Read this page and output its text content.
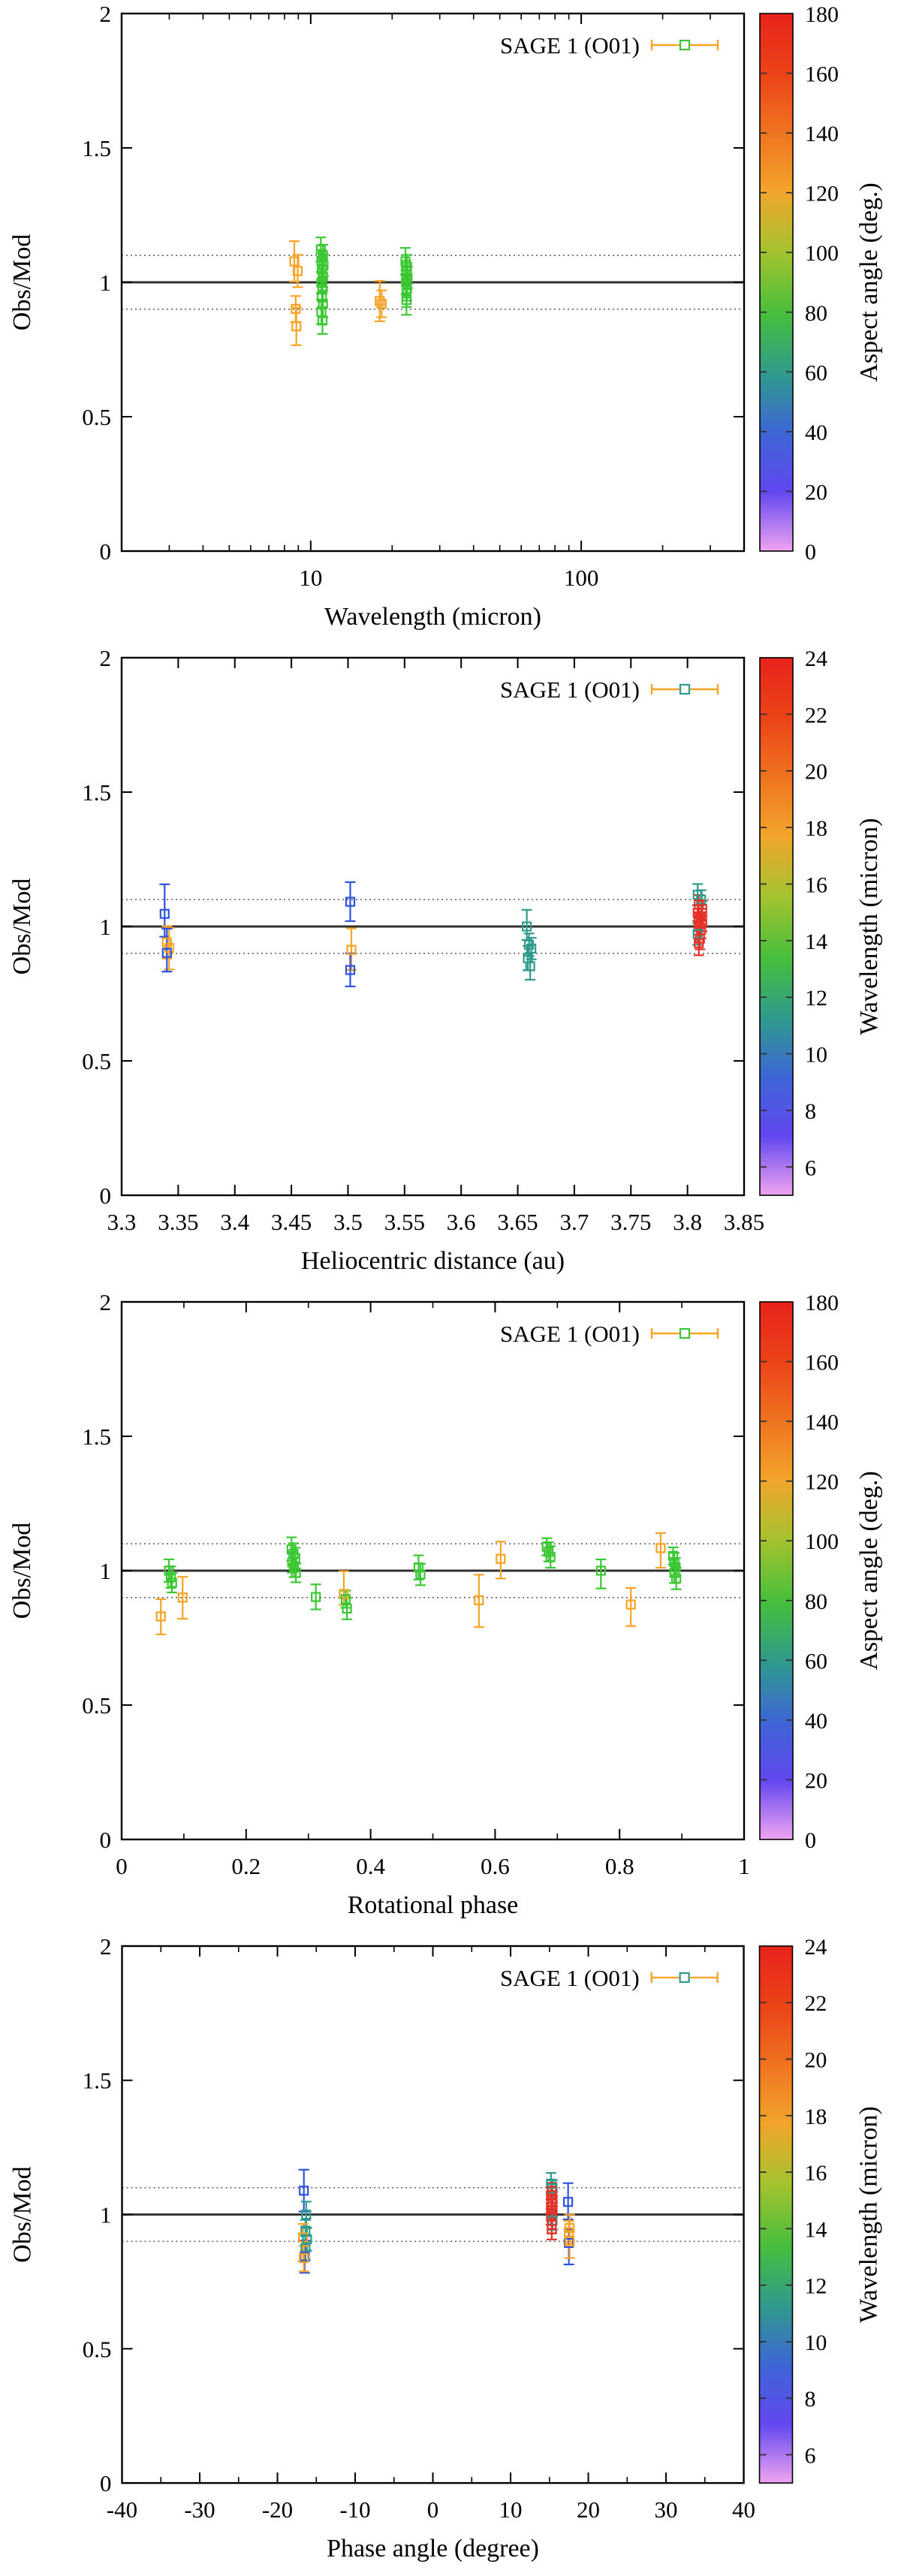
10	100
0
0.5
1
1.5
2
Wavelength (micron)
Obs/Mod
SAGE 1 (O01)
0
20
40
60
80
100
120
140
160
180
Aspect angle (deg.)
3.3 3.35 3.4 3.45 3.5 3.55 3.6 3.65 3.7 3.75 3.8 3.85
0
0.5
1
1.5
2
Heliocentric distance (au)
Obs/Mod
SAGE 1 (O01)
6
8
10
12
14
16
18
20
22
24
Wavelength (micron)
0	0.2	0.4	0.6	0.8	1
0
0.5
1
1.5
2
Rotational phase
Obs/Mod
SAGE 1 (O01)
0
20
40
60
80
100
120
140
160
180
Aspect angle (deg.)
-40 -30 -20 -10 0	10 20 30 40
0
0.5
1
1.5
2
Phase angle (degree)
Obs/Mod
SAGE 1 (O01)
6
8
10
12
14
16
18
20
22
24
Wavelength (micron)
